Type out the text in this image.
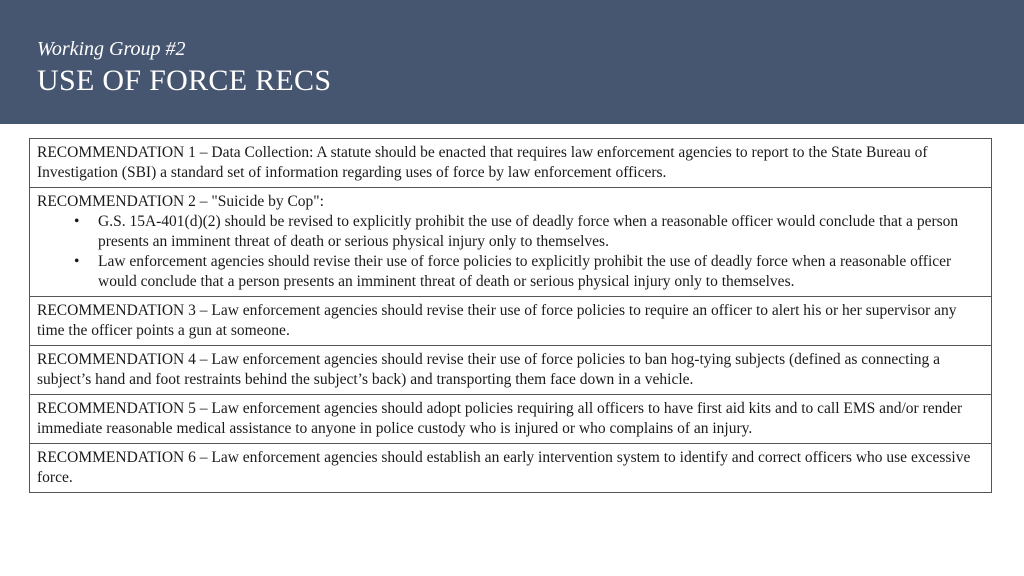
Working Group #2
USE OF FORCE RECS
RECOMMENDATION 1 – Data Collection: A statute should be enacted that requires law enforcement agencies to report to the State Bureau of Investigation (SBI) a standard set of information regarding uses of force by law enforcement officers.

RECOMMENDATION 2 – "Suicide by Cop":
• G.S. 15A-401(d)(2) should be revised to explicitly prohibit the use of deadly force when a reasonable officer would conclude that a person presents an imminent threat of death or serious physical injury only to themselves.
• Law enforcement agencies should revise their use of force policies to explicitly prohibit the use of deadly force when a reasonable officer would conclude that a person presents an imminent threat of death or serious physical injury only to themselves.

RECOMMENDATION 3 – Law enforcement agencies should revise their use of force policies to require an officer to alert his or her supervisor any time the officer points a gun at someone.
RECOMMENDATION 4 – Law enforcement agencies should revise their use of force policies to ban hog-tying subjects (defined as connecting a subject’s hand and foot restraints behind the subject’s back) and transporting them face down in a vehicle.
RECOMMENDATION 5 – Law enforcement agencies should adopt policies requiring all officers to have first aid kits and to call EMS and/or render immediate reasonable medical assistance to anyone in police custody who is injured or who complains of an injury.
RECOMMENDATION 6 – Law enforcement agencies should establish an early intervention system to identify and correct officers who use excessive force.
